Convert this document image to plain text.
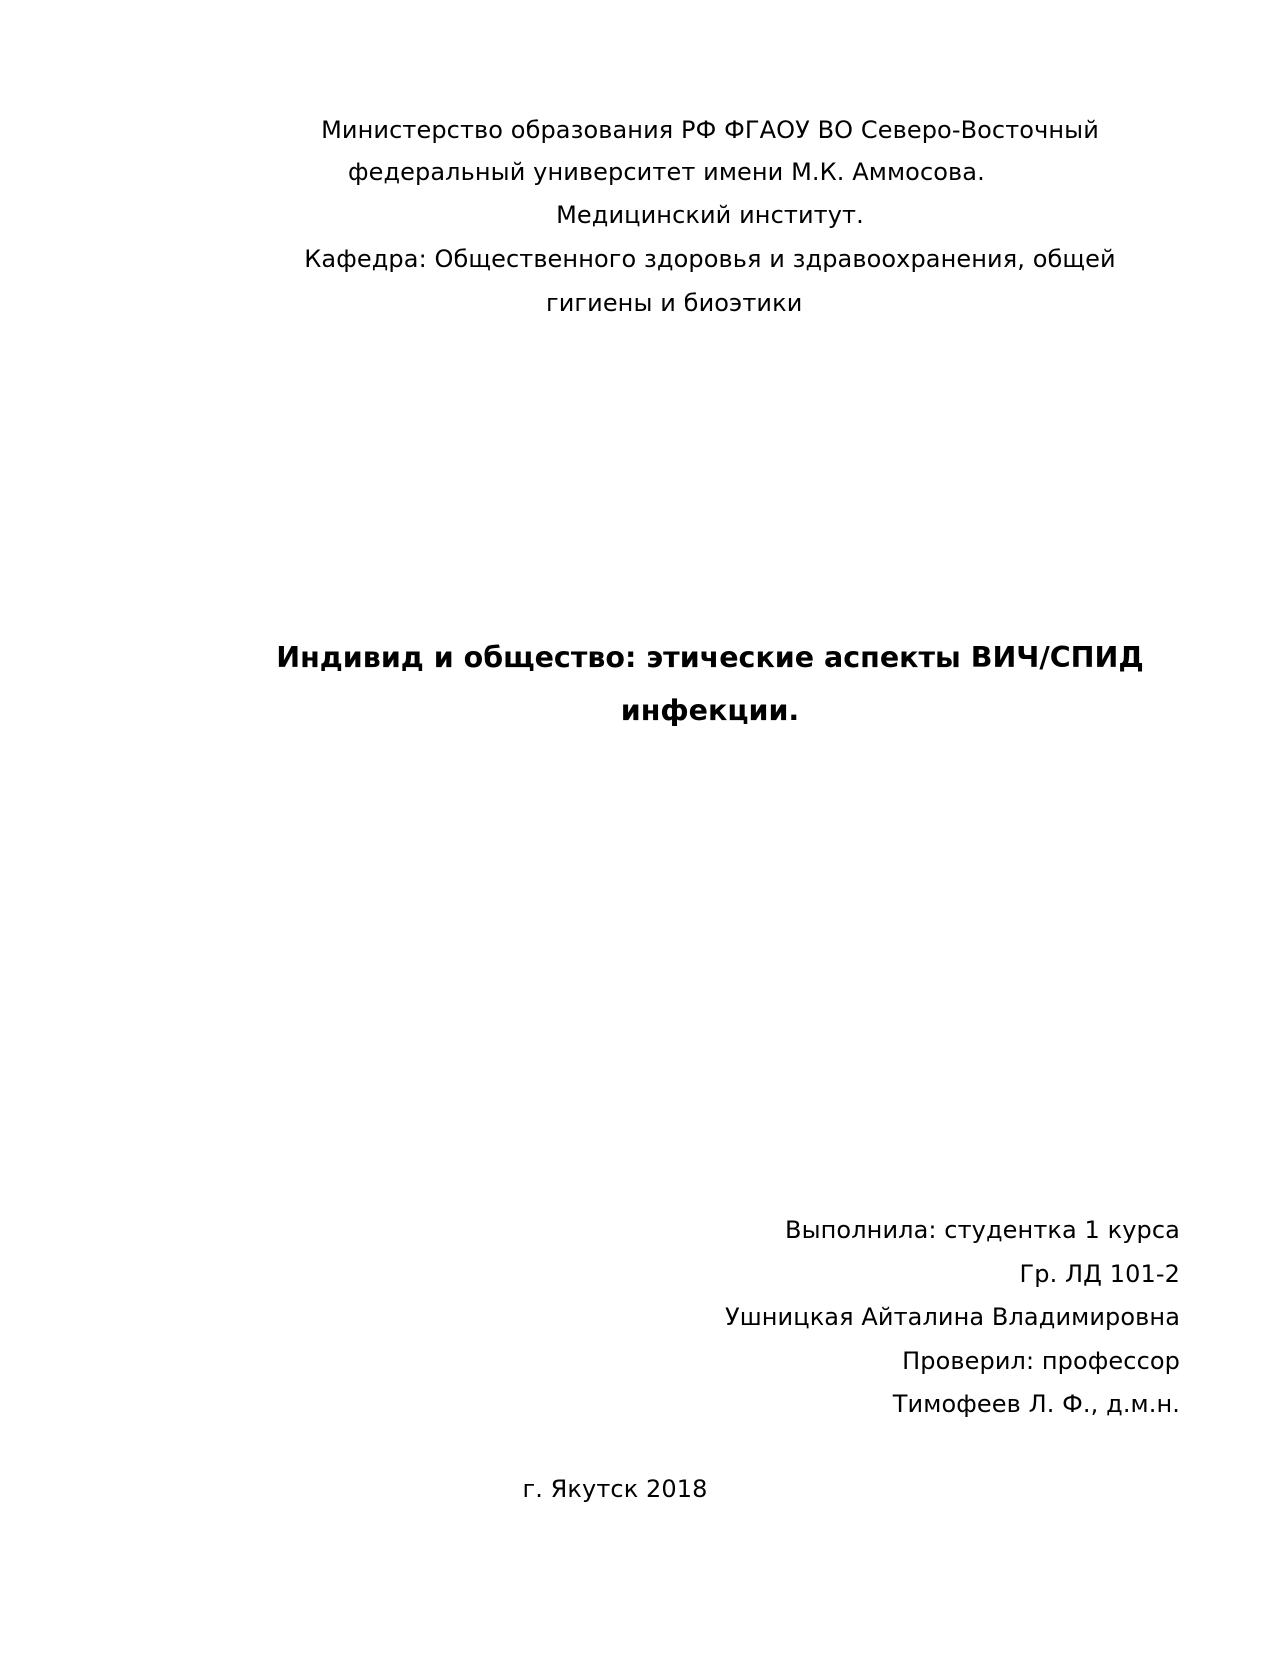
Министерство образования РФ ФГАОУ ВО Северо-Восточный
федеральный университет имени М.К. Аммосова.
Медицинский институт.
Кафедра: Общественного здоровья и здравоохранения, общей
гигиены и биоэтики
Индивид и общество: этические аспекты ВИЧ/СПИД
инфекции.
Выполнила: студентка 1 курса
Гр. ЛД 101-2
Ушницкая Айталина Владимировна
Проверил: профессор
Тимофеев Л. Ф., д.м.н.
г. Якутск 2018
